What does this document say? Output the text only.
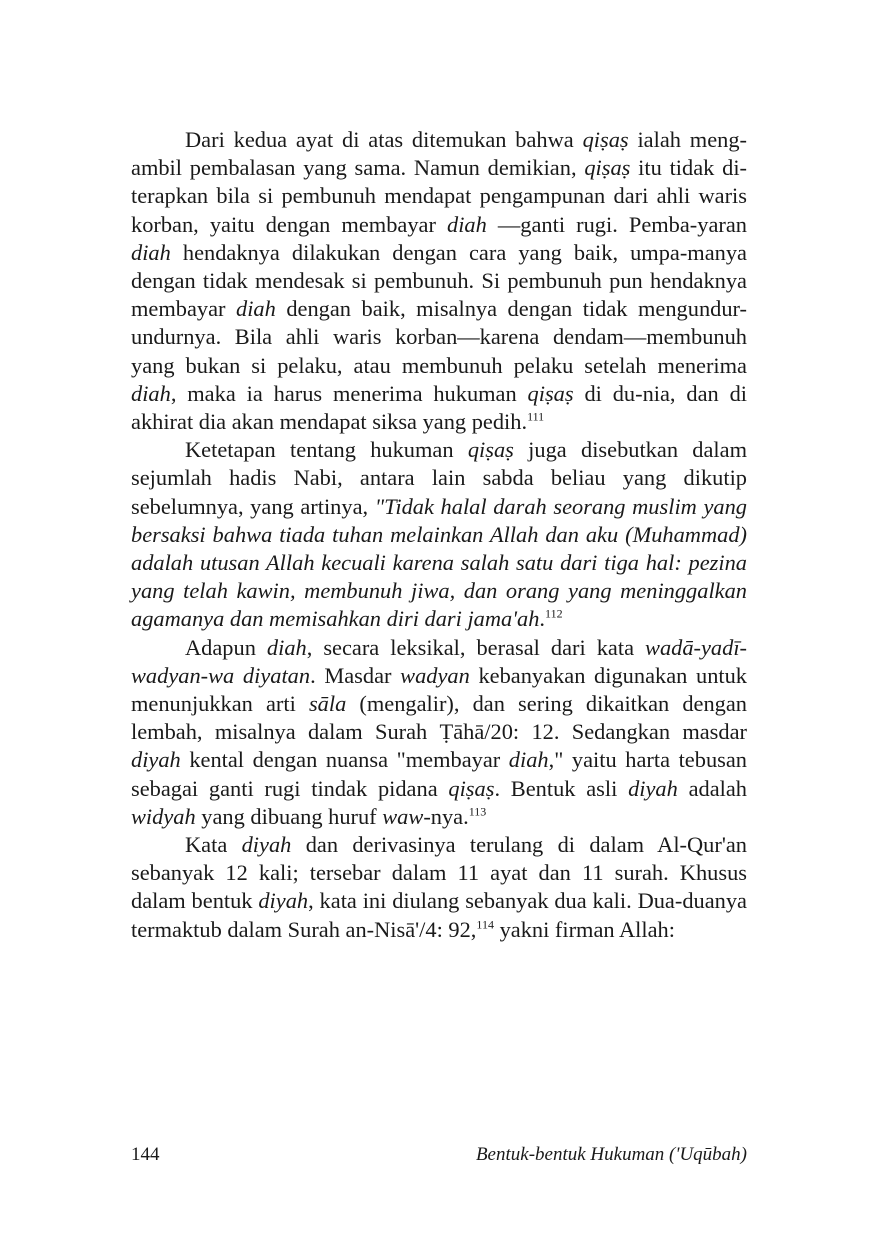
Dari kedua ayat di atas ditemukan bahwa qiṣaṣ ialah meng-ambil pembalasan yang sama. Namun demikian, qiṣaṣ itu tidak di-terapkan bila si pembunuh mendapat pengampunan dari ahli waris korban, yaitu dengan membayar diah —ganti rugi. Pemba-yaran diah hendaknya dilakukan dengan cara yang baik, umpa-manya dengan tidak mendesak si pembunuh. Si pembunuh pun hendaknya membayar diah dengan baik, misalnya dengan tidak mengundur-undurnya. Bila ahli waris korban—karena dendam—membunuh yang bukan si pelaku, atau membunuh pelaku setelah menerima diah, maka ia harus menerima hukuman qiṣaṣ di du-nia, dan di akhirat dia akan mendapat siksa yang pedih.$^{111}$

Ketetapan tentang hukuman qiṣaṣ juga disebutkan dalam sejumlah hadis Nabi, antara lain sabda beliau yang dikutip sebelumnya, yang artinya, "Tidak halal darah seorang muslim yang bersaksi bahwa tiada tuhan melainkan Allah dan aku (Muhammad) adalah utusan Allah kecuali karena salah satu dari tiga hal: pezina yang telah kawin, membunuh jiwa, dan orang yang meninggalkan agamanya dan memisahkan diri dari jama'ah.$^{112}$

Adapun diah, secara leksikal, berasal dari kata wadā-yadī-wadyan-wa diyatan. Masdar wadyan kebanyakan digunakan untuk menunjukkan arti sāla (mengalir), dan sering dikaitkan dengan lembah, misalnya dalam Surah Ṭāhā/20: 12. Sedangkan masdar diyah kental dengan nuansa "membayar diah," yaitu harta tebusan sebagai ganti rugi tindak pidana qiṣaṣ. Bentuk asli diyah adalah widyah yang dibuang huruf waw-nya.$^{113}$

Kata diyah dan derivasinya terulang di dalam Al-Qur'an sebanyak 12 kali; tersebar dalam 11 ayat dan 11 surah. Khusus dalam bentuk diyah, kata ini diulang sebanyak dua kali. Dua-duanya termaktub dalam Surah an-Nisā'/4: 92,$^{114}$ yakni firman Allah:

144	Bentuk-bentuk Hukuman ('Uqūbah)
